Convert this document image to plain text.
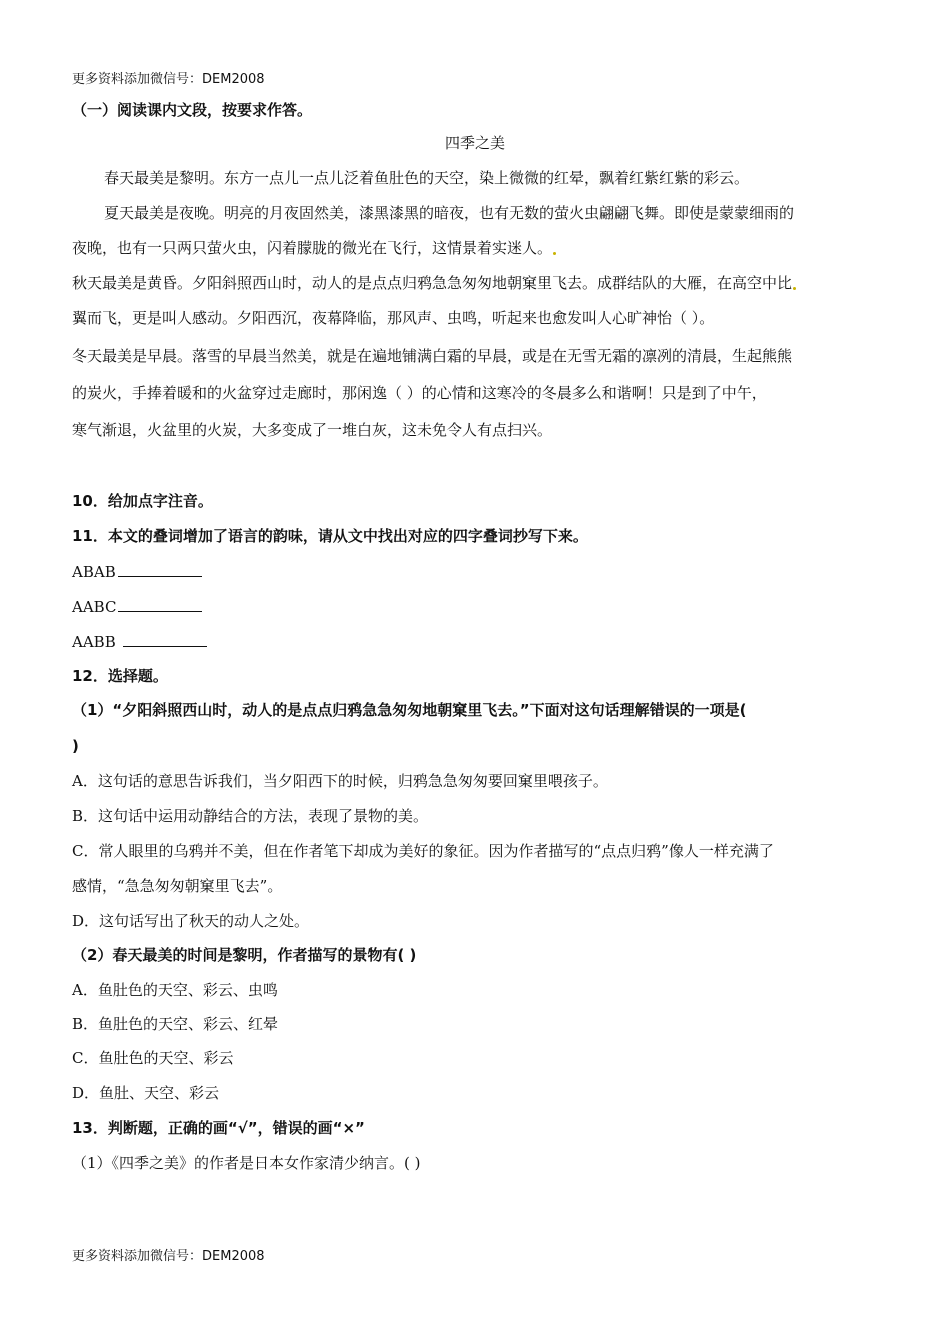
更多资料添加微信号：DEM2008
（一）阅读课内文段，按要求作答。
四季之美
春天最美是黎明。东方一点儿一点儿泛着鱼肚色的天空，染上微微的红晕，飘着红紫红紫的彩云。
夏天最美是夜晚。明亮的月夜固然美，漆黑漆黑的暗夜，也有无数的萤火虫翩翩飞舞。即使是蒙蒙细雨的
夜晚，也有一只两只萤火虫，闪着朦胧的微光在飞行，这情景着实迷人。
秋天最美是黄昏。夕阳斜照西山时，动人的是点点归鸦急急匆匆地朝窠里飞去。成群结队的大雁，在高空中比
翼而飞，更是叫人感动。夕阳西沉，夜幕降临，那风声、虫鸣，听起来也愈发叫人心旷神怡（ ）。
冬天最美是早晨。落雪的早晨当然美，就是在遍地铺满白霜的早晨，或是在无雪无霜的凛冽的清晨，生起熊熊
的炭火，手捧着暖和的火盆穿过走廊时，那闲逸（ ）的心情和这寒冷的冬晨多么和谐啊！只是到了中午，
寒气渐退，火盆里的火炭，大多变成了一堆白灰，这未免令人有点扫兴。
10．给加点字注音。
11．本文的叠词增加了语言的韵味，请从文中找出对应的四字叠词抄写下来。
ABAB
AABC
AABB
12．选择题。
（1）“夕阳斜照西山时，动人的是点点归鸦急急匆匆地朝窠里飞去。”下面对这句话理解错误的一项是(
)
A．这句话的意思告诉我们，当夕阳西下的时候，归鸦急急匆匆要回窠里喂孩子。
B．这句话中运用动静结合的方法，表现了景物的美。
C．常人眼里的乌鸦并不美，但在作者笔下却成为美好的象征。因为作者描写的“点点归鸦”像人一样充满了
感情，“急急匆匆朝窠里飞去”。
D．这句话写出了秋天的动人之处。
（2）春天最美的时间是黎明，作者描写的景物有( )
A．鱼肚色的天空、彩云、虫鸣
B．鱼肚色的天空、彩云、红晕
C．鱼肚色的天空、彩云
D．鱼肚、天空、彩云
13．判断题，正确的画“√”，错误的画“×”
（1）《四季之美》的作者是日本女作家清少纳言。( )
更多资料添加微信号：DEM2008
